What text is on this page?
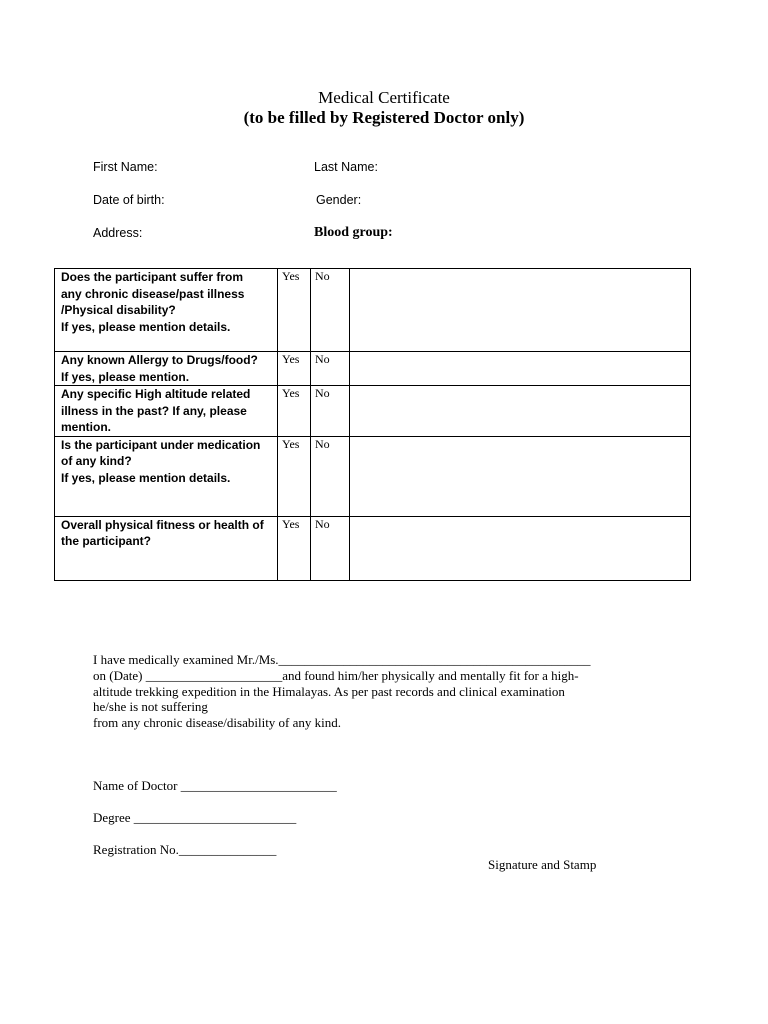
Medical Certificate
(to be filled by Registered Doctor only)
First Name:	Last Name:
Date of birth:	Gender:
Address:	Blood group:
Does the participant suffer from
any chronic disease/past illness
/Physical disability?
If yes, please mention details.	Yes	No	

Any known Allergy to Drugs/food?
If yes, please mention.	Yes	No	

Any specific High altitude related
illness in the past? If any, please
mention.	Yes	No	

Is the participant under medication
of any kind?
If yes, please mention details.	Yes	No	

Overall physical fitness or health of
the participant?	Yes	No	

I have medically examined Mr./Ms.________________________________________________
on (Date) _____________________and found him/her physically and mentally fit for a high-
altitude trekking expedition in the Himalayas. As per past records and clinical examination
he/she is not suffering
from any chronic disease/disability of any kind.
Name of Doctor ________________________
Degree _________________________
Registration No._______________
Signature and Stamp
